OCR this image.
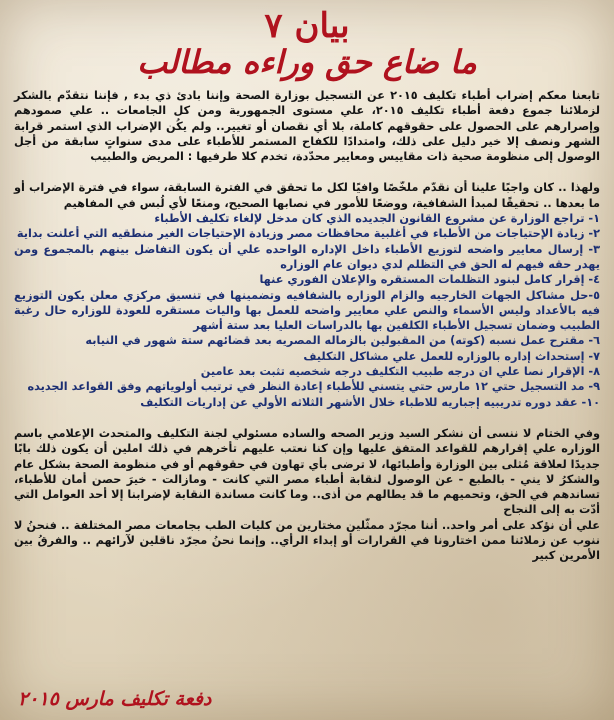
بيان ٧
ما ضاع حق وراءه مطالب

تابعنا معكم إضراب أطباء تكليف ٢٠١٥ عن التسجيل بوزارة الصحة وإننا بادئ ذي بدء , فإننا نتقدّم بالشكر لزملائنا جموع دفعة أطباء تكليف ٢٠١٥، علي مستوى الجمهورية ومن كل الجامعات .. علي صمودهم وإصرارهم على الحصول على حقوقهم كاملة، بلا أي نقصان أو تغيير.. ولم يكُن الإضراب الذي استمر قرابة الشهر ونصف إلا خير دليل على ذلك، وامتدادًا للكفاح المستمر للأطباء على مدى سنواتٍ سابقة من أجل الوصول إلى منظومة صحية ذات مقاييس ومعايير محدّدة، تخدم كلا طرفيها : المريض والطبيب

ولهذا .. كان واجبًا علينا أن نقدّم ملخّصًا وافيًا لكل ما تحقق في الفترة السابقة، سواء في فترة الإضراب أو ما بعدها .. تحقيقًا لمبدأ الشفافية، ووضعًا للأمور في نصابها الصحيح، ومنعًا لأي لُبس في المفاهيم

١- تراجع الوزارة عن مشروع القانون الجديده الذي كان مدخل لإلغاء تكليف الأطباء
٢- زيادة الإحتياجات من الأطباء في أغلبية محافظات مصر وزيادة الإحتياجات الغير منطقيه التي أعلنت بداية
٣- إرسال معايير واضحه لتوزيع الأطباء داخل الإداره الواحده علي أن يكون التفاضل بينهم بالمجموع ومن يهدر حقه فيهم له الحق في التظلم لدي ديوان عام الوزاره
٤- إقرار كامل لبنود التظلمات المستقره والإعلان الفوري عنها
٥-حل مشاكل الجهات الخارجيه والزام الوزاره بالشفافيه وتضمينها في تنسيق مركزي معلن يكون التوزيع فيه بالأعداد وليس الأسماء والنص علي معايير واضحه للعمل بها واليات مستقره للعودة للوزاره حال رغبة الطبيب وضمان تسجيل الأطباء الكلفين بها بالدراسات العليا بعد ستة أشهر
٦- مقترح عمل نسبه (كوته) من المقبولين بالزماله المصريه بعد قضائهم ستة شهور في النيابه
٧- إستحداث إداره بالوزاره للعمل علي مشاكل التكليف
٨- الإقرار نصا علي ان درجه طبيب التكليف درجه شخصيه تثبت بعد عامين
٩- مد التسجيل حتي ١٢ مارس حتي يتسني للأطباء إعادة النظر في ترتيب أولوياتهم وفق القواعد الجديده
١٠- عقد دوره تدريبيه إجباريه للاطباء خلال الأشهر الثلاثه الأولي عن إداريات التكليف

وفي الختام لا ننسى أن نشكر السيد وزير الصحه والساده مسئولي لجنة التكليف والمتحدث الإعلامي باسم الوزاره علي إقرارهم للقواعد المتفق عليها وإن كنا نعتب عليهم تأخرهم في ذلك املين أن يكون ذلك بابًا جديدًا لعلاقة مُثلى بين الوزارة وأطبائها، لا ترضى بأي تهاون في حقوقهم أو في منظومة الصحة بشكل عام والشكرُ لا يني - بالطبع - عن الوصول لنقابة أطباء مصر التي كانت - ومازالت - خيرَ حصن أمان للأطباء، تساندهم في الحق، وتحميهم ما قد يطالهم من أذى.. وما كانت مساندة النقابة لإضرابنا إلا أحد العوامل التي أدّت به إلى النجاح

علي أن نؤكد على أمر واحد.. أننا مجرّد ممثّلين مختارين من كليات الطب بجامعات مصر المختلفة .. فنحنُ لا ننوب عن زملائنا ممن اختارونا في القرارات أو إبداء الرأي.. وإنما نحنُ مجرّد ناقلين لآرائهم .. والفرقُ بين الأمرين كبير

دفعة تكليف مارس ٢٠١٥
